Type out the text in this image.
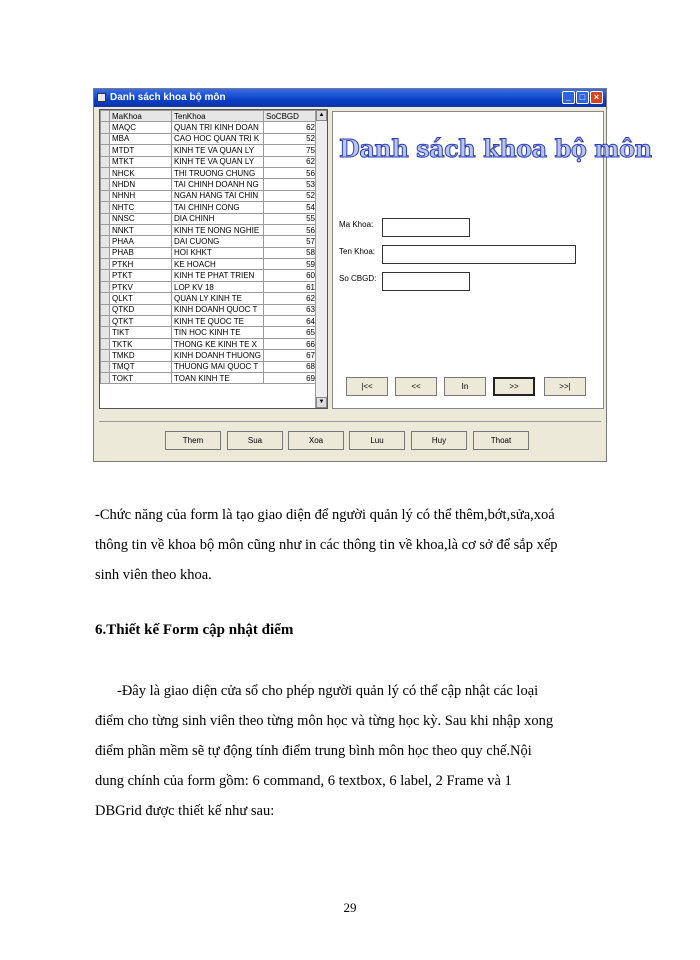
Danh sách khoa bộ môn	_ □ ×
	MaKhoa	TenKhoa	SoCBGD
	MAQC	QUAN TRI KINH DOAN	62
	MBA	CAO HOC QUAN TRI K	52
	MTDT	KINH TE VA QUAN LY	75
	MTKT	KINH TE VA QUAN LY	62
	NHCK	THI TRUONG CHUNG	56
	NHDN	TAI CHINH DOANH NG	53
	NHNH	NGAN HANG TAI CHIN	52
	NHTC	TAI CHINH CONG	54
	NNSC	DIA CHINH	55
	NNKT	KINH TE NONG NGHIE	56
	PHAA	DAI CUONG	57
	PHAB	HOI KHKT	58
	PTKH	KE HOACH	59
	PTKT	KINH TE PHAT TRIEN	60
	PTKV	LOP KV 18	61
	QLKT	QUAN LY KINH TE	62
	QTKD	KINH DOANH QUOC T	63
	QTKT	KINH TE QUOC TE	64
	TIKT	TIN HOC KINH TE	65
	TKTK	THONG KE KINH TE X	66
	TMKD	KINH DOANH THUONG	67
	TMQT	THUONG MAI QUOC T	68
	TOKT	TOAN KINH TE	69
▲
▼
Danh sách khoa bộ môn
Ma Khoa:
Ten Khoa:
So CBGD:
|<<	<<	In	>>	>>|
Them	Sua	Xoa	Luu	Huy	Thoat

-Chức năng của form là tạo giao diện để người quản lý có thể thêm,bớt,sửa,xoá

thông tin về khoa bộ môn cũng như in các thông tin về khoa,là cơ sở để sắp xếp

sinh viên theo khoa.

6.Thiết kế Form cập nhật điểm

-Đây là giao diện cửa sổ cho phép người quản lý có thể cập nhật các loại

điểm cho từng sinh viên theo từng môn học và từng học kỳ. Sau khi nhập xong

điểm phần mềm sẽ tự động tính điểm trung bình môn học theo quy chế.Nội

dung chính của form gồm: 6 command, 6 textbox, 6 label, 2 Frame và 1

DBGrid được thiết kế như sau:

29
